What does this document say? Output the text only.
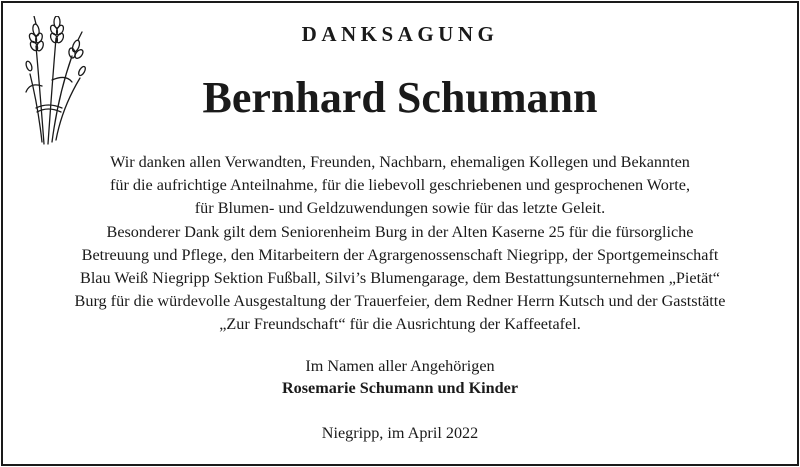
DANKSAGUNG
Bernhard Schumann
Wir danken allen Verwandten, Freunden, Nachbarn, ehemaligen Kollegen und Bekannten
für die aufrichtige Anteilnahme, für die liebevoll geschriebenen und gesprochenen Worte,
für Blumen- und Geldzuwendungen sowie für das letzte Geleit.
Besonderer Dank gilt dem Seniorenheim Burg in der Alten Kaserne 25 für die fürsorgliche
Betreuung und Pflege, den Mitarbeitern der Agrargenossenschaft Niegripp, der Sportgemeinschaft
Blau Weiß Niegripp Sektion Fußball, Silvi’s Blumengarage, dem Bestattungsunternehmen „Pietät“
Burg für die würdevolle Ausgestaltung der Trauerfeier, dem Redner Herrn Kutsch und der Gaststätte
„Zur Freundschaft“ für die Ausrichtung der Kaffeetafel.
Im Namen aller Angehörigen
Rosemarie Schumann und Kinder
Niegripp, im April 2022
